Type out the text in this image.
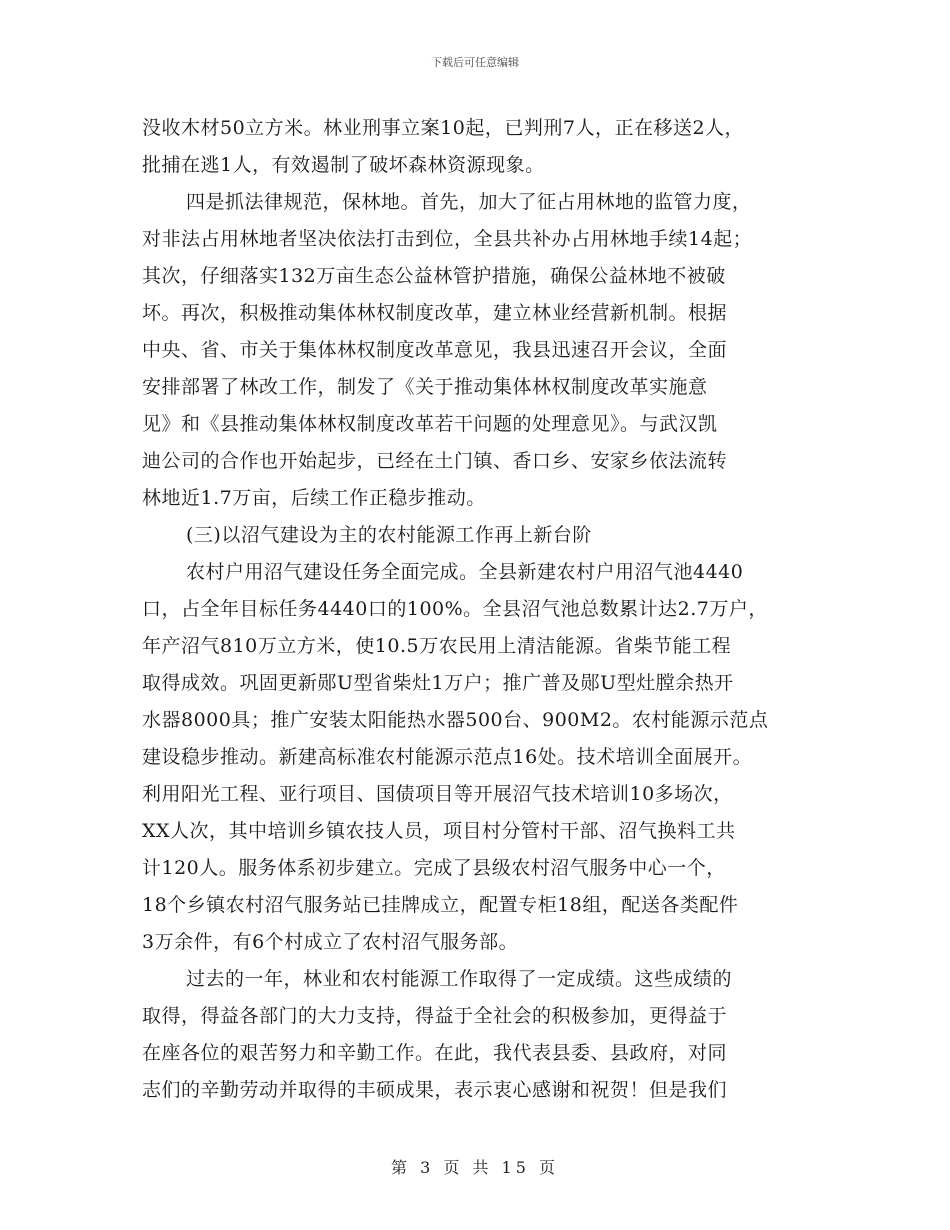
下载后可任意编辑
没收木材50立方米。林业刑事立案10起，已判刑7人，正在移送2人，
批捕在逃1人，有效遏制了破坏森林资源现象。
四是抓法律规范，保林地。首先，加大了征占用林地的监管力度，
对非法占用林地者坚决依法打击到位，全县共补办占用林地手续14起；
其次，仔细落实132万亩生态公益林管护措施，确保公益林地不被破
坏。再次，积极推动集体林权制度改革，建立林业经营新机制。根据
中央、省、市关于集体林权制度改革意见，我县迅速召开会议，全面
安排部署了林改工作，制发了《关于推动集体林权制度改革实施意
见》和《县推动集体林权制度改革若干问题的处理意见》。与武汉凯
迪公司的合作也开始起步，已经在土门镇、香口乡、安家乡依法流转
林地近1.7万亩，后续工作正稳步推动。
(三)以沼气建设为主的农村能源工作再上新台阶
农村户用沼气建设任务全面完成。全县新建农村户用沼气池4440
口，占全年目标任务4440口的100%。全县沼气池总数累计达2.7万户，
年产沼气810万立方米，使10.5万农民用上清洁能源。省柴节能工程
取得成效。巩固更新郧U型省柴灶1万户；推广普及郧U型灶膛余热开
水器8000具；推广安装太阳能热水器500台、900M2。农村能源示范点
建设稳步推动。新建高标准农村能源示范点16处。技术培训全面展开。
利用阳光工程、亚行项目、国债项目等开展沼气技术培训10多场次，
XX人次，其中培训乡镇农技人员，项目村分管村干部、沼气换料工共
计120人。服务体系初步建立。完成了县级农村沼气服务中心一个，
18个乡镇农村沼气服务站已挂牌成立，配置专柜18组，配送各类配件
3万余件，有6个村成立了农村沼气服务部。
过去的一年，林业和农村能源工作取得了一定成绩。这些成绩的
取得，得益各部门的大力支持，得益于全社会的积极参加，更得益于
在座各位的艰苦努力和辛勤工作。在此，我代表县委、县政府，对同
志们的辛勤劳动并取得的丰硕成果，表示衷心感谢和祝贺！但是我们
第 3 页 共 15 页
